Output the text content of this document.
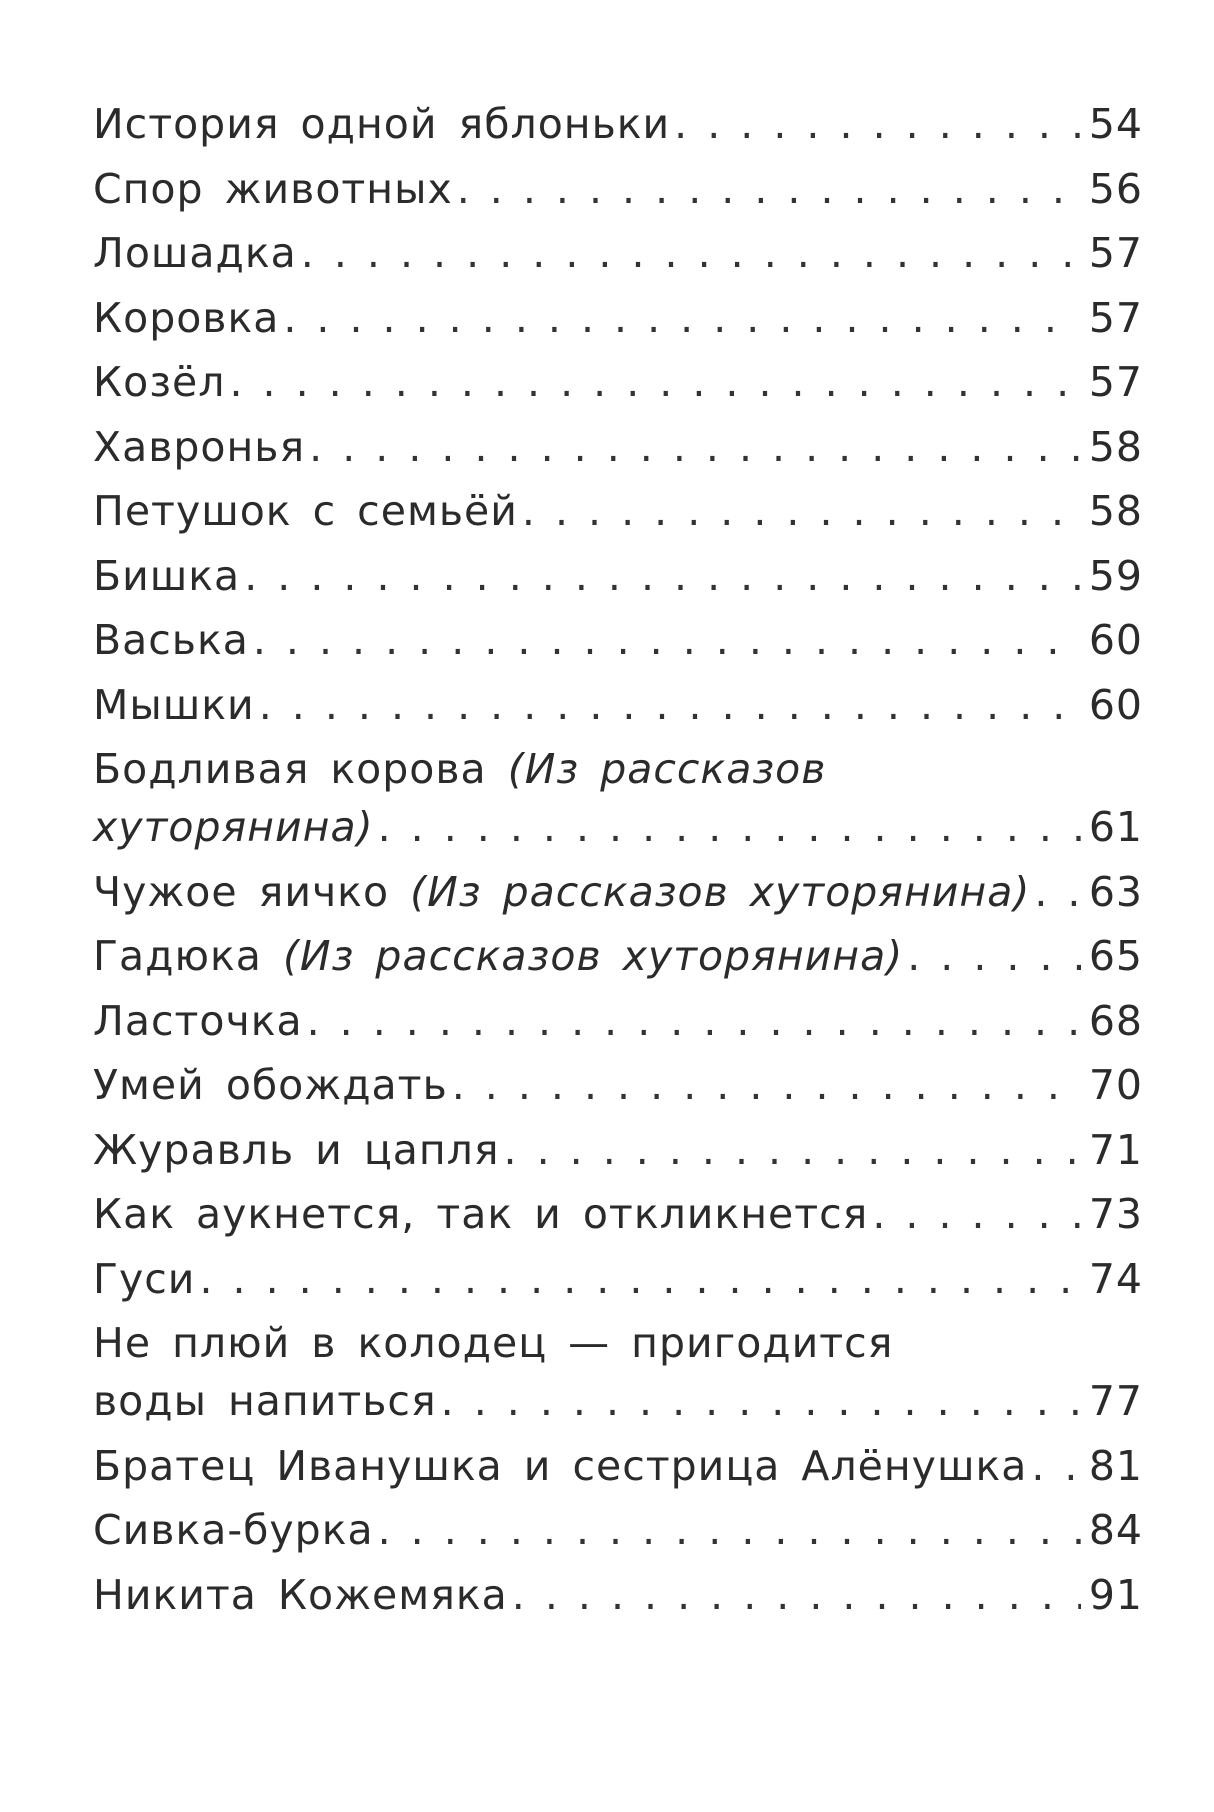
История одной яблоньки . . .	54
Спор животных . . .	56
Лошадка . . .	57
Коровка . . .	57
Козёл . . .	57
Хавронья . . .	58
Петушок с семьёй . . .	58
Бишка . . .	59
Васька . . .	60
Мышки . . .	60
Бодливая корова (Из рассказов
хуторянина) . . .	61
Чужое яичко (Из рассказов хуторянина) . . . 63
Гадюка (Из рассказов хуторянина) . . .	65
Ласточка . . .	68
Умей обождать . . .	70
Журавль и цапля . . .	71
Как аукнется, так и откликнется . . .	73
Гуси . . .	74
Не плюй в колодец — пригодится
воды напиться . . .	77
Братец Иванушка и сестрица Алёнушка . . . 81
Сивка-бурка . . .	84
Никита Кожемяка . . .	91
